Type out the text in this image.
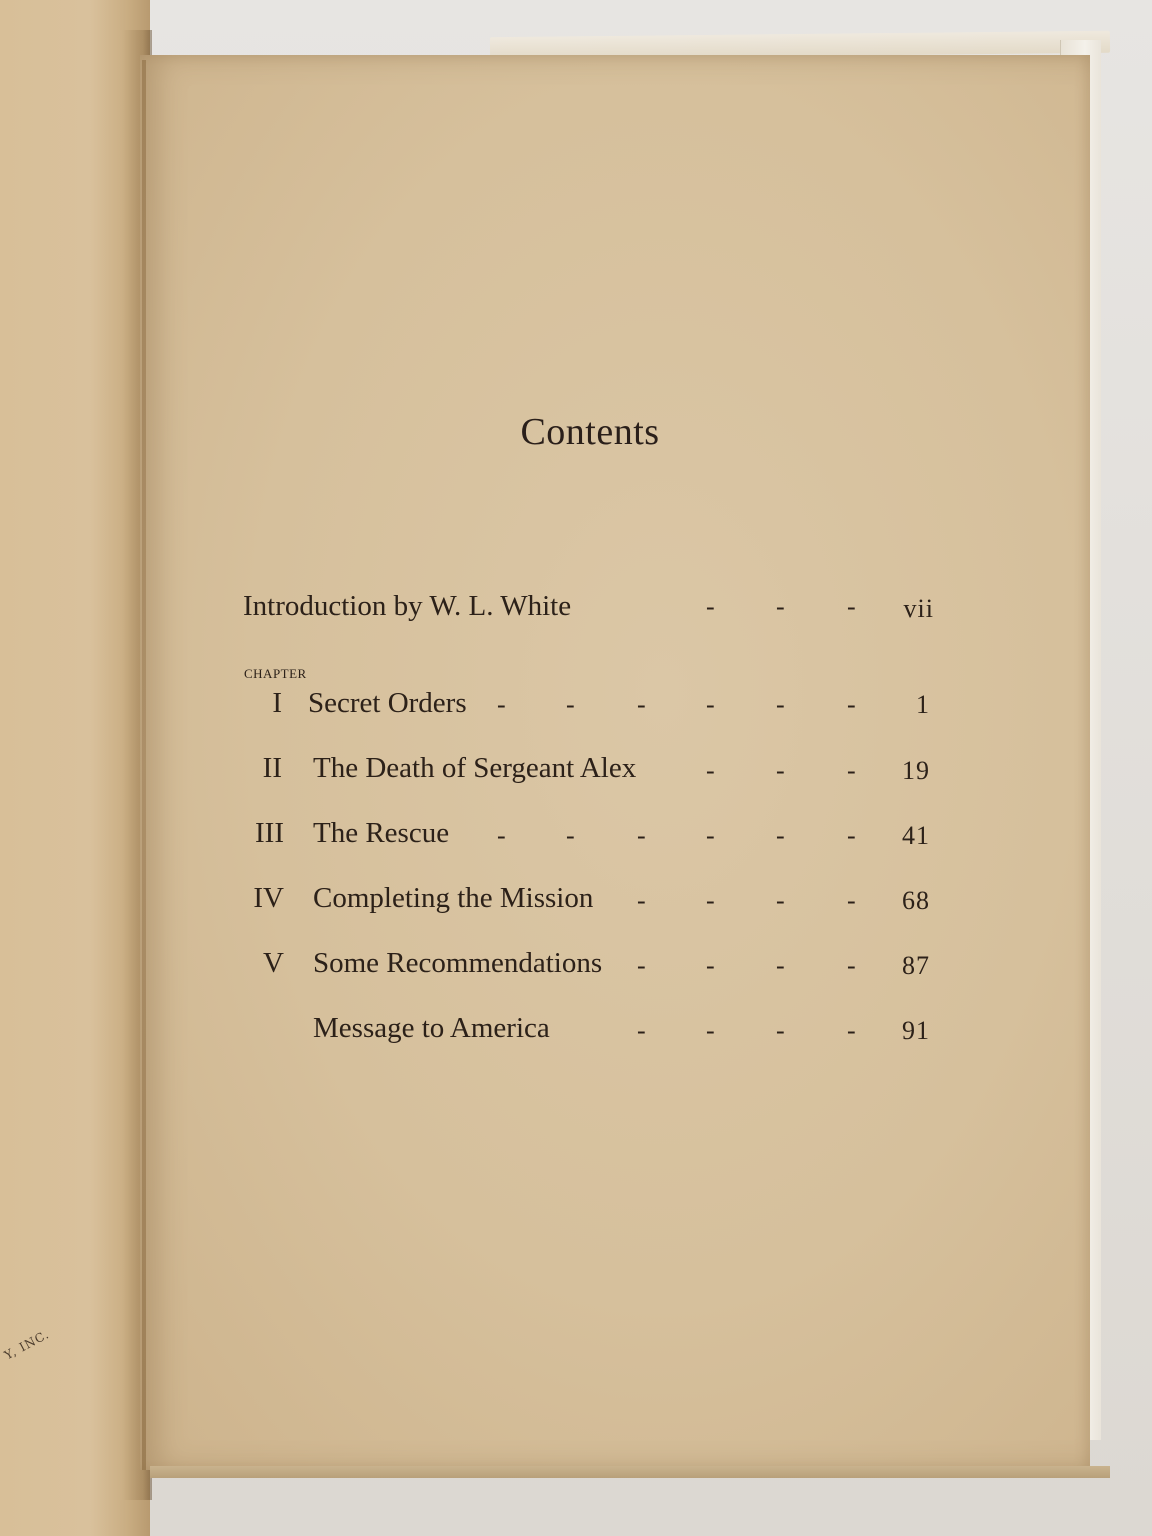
Y, INC.
Contents
Introduction by W. L. White	vii
CHAPTER
I Secret Orders	1
II The Death of Sergeant Alex	19
III The Rescue	41
IV Completing the Mission	68
V Some Recommendations	87
Message to America	91
- - -
- - - - - -
- - -
- - - - - -
- - - -
- - - -
- - - -
